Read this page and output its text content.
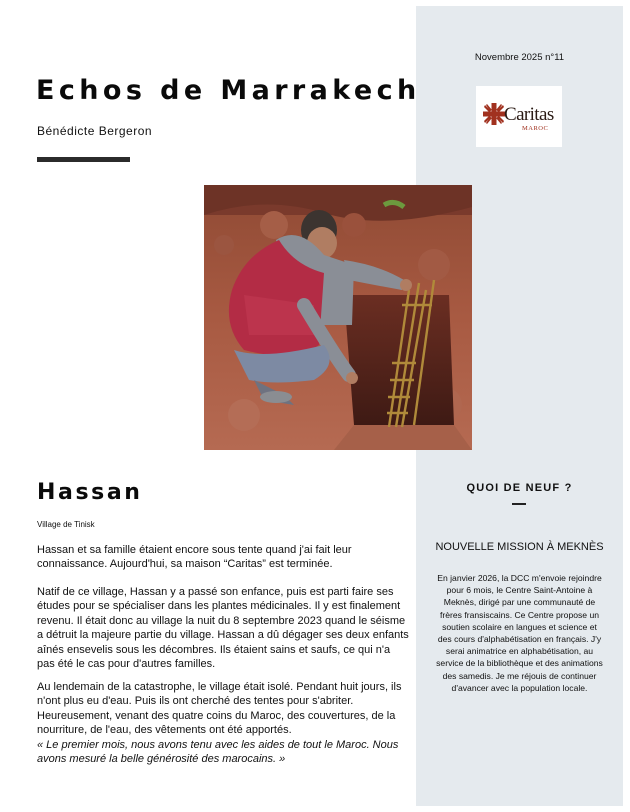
Novembre 2025 n°11
Caritas
MAROC
Echos de Marrakech
Bénédicte Bergeron
Hassan
Village de Tinisk
Hassan et sa famille étaient encore sous tente quand j'ai fait leur connaissance. Aujourd'hui, sa maison “Caritas” est terminée.
Natif de ce village, Hassan y a passé son enfance, puis est parti faire ses études pour se spécialiser dans les plantes médicinales. Il y est finalement revenu. Il était donc au village la nuit du 8 septembre 2023 quand le séisme a détruit la majeure partie du village. Hassan a dû dégager ses deux enfants aînés ensevelis sous les décombres. Ils étaient sains et saufs, ce qui n'a pas été le cas pour d'autres familles.
Au lendemain de la catastrophe, le village était isolé. Pendant huit jours, ils n'ont plus eu d'eau. Puis ils ont cherché des tentes pour s'abriter. Heureusement, venant des quatre coins du Maroc, des couvertures, de la nourriture, de l'eau, des vêtements ont été apportés.
« Le premier mois, nous avons tenu avec les aides de tout le Maroc. Nous avons mesuré la belle générosité des marocains. »
QUOI DE NEUF ?
NOUVELLE MISSION À MEKNÈS
En janvier 2026, la DCC m'envoie rejoindre pour 6 mois, le Centre Saint-Antoine à Meknès, dirigé par une communauté de frères fransiscains. Ce Centre propose un soutien scolaire en langues et science et des cours d'alphabétisation en français. J'y serai animatrice en alphabétisation, au service de la bibliothèque et des animations des samedis. Je me réjouis de continuer d'avancer avec la population locale.
